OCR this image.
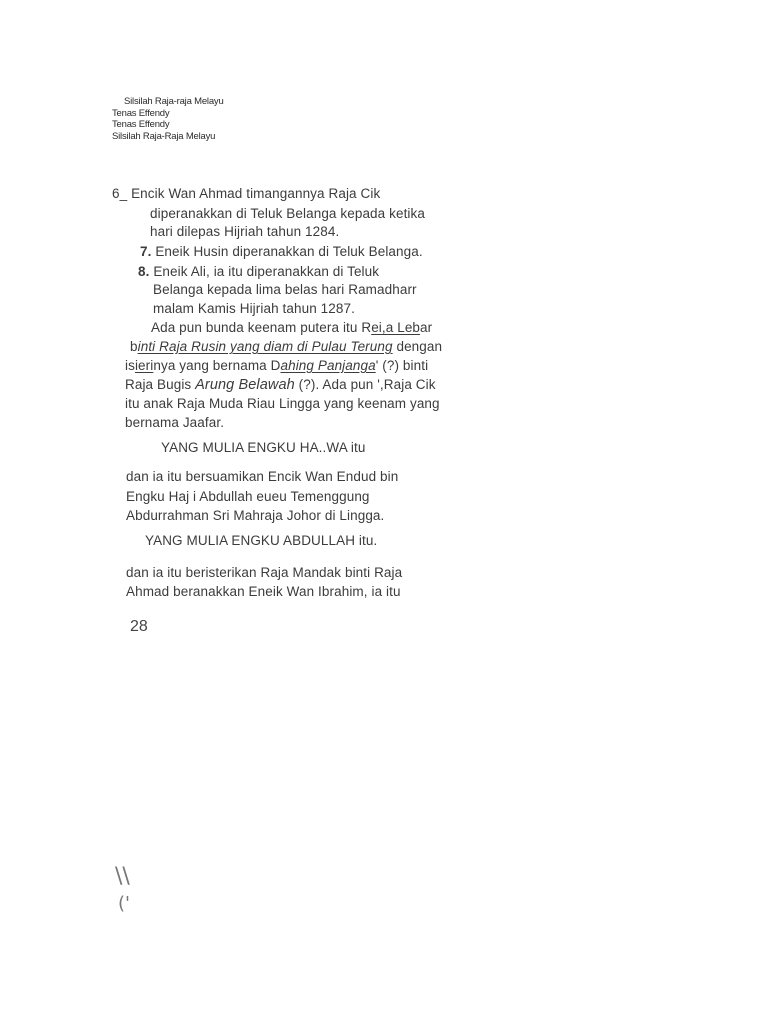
Silsilah Raja-raja Melayu
Tenas Effendy
Tenas Effendy
Silsilah Raja-Raja Melayu
6_ Encik Wan Ahmad timangannya Raja Cik
diperanakkan di Teluk Belanga kepada ketika
hari dilepas Hijriah tahun 1284.
7. Eneik Husin diperanakkan di Teluk Belanga.
8. Eneik Ali, ia itu diperanakkan di Teluk
Belanga kepada lima belas hari Ramadharr
malam Kamis Hijriah tahun 1287.
Ada pun bunda keenam putera itu Rei,a Lebar
binti Raja Rusin yang diam di Pulau Terung dengan
isierinya yang bernama Dahing Panjanga' (?) binti
Raja Bugis Arung Belawah (?). Ada pun ',Raja Cik
itu anak Raja Muda Riau Lingga yang keenam yang
bernama Jaafar.
YANG MULIA ENGKU HA..WA itu
dan ia itu bersuamikan Encik Wan Endud bin
Engku Haj i Abdullah eueu Temenggung
Abdurrahman Sri Mahraja Johor di Lingga.
YANG MULIA ENGKU ABDULLAH itu.
dan ia itu beristerikan Raja Mandak binti Raja
Ahmad beranakkan Eneik Wan Ibrahim, ia itu
28
\\
('
